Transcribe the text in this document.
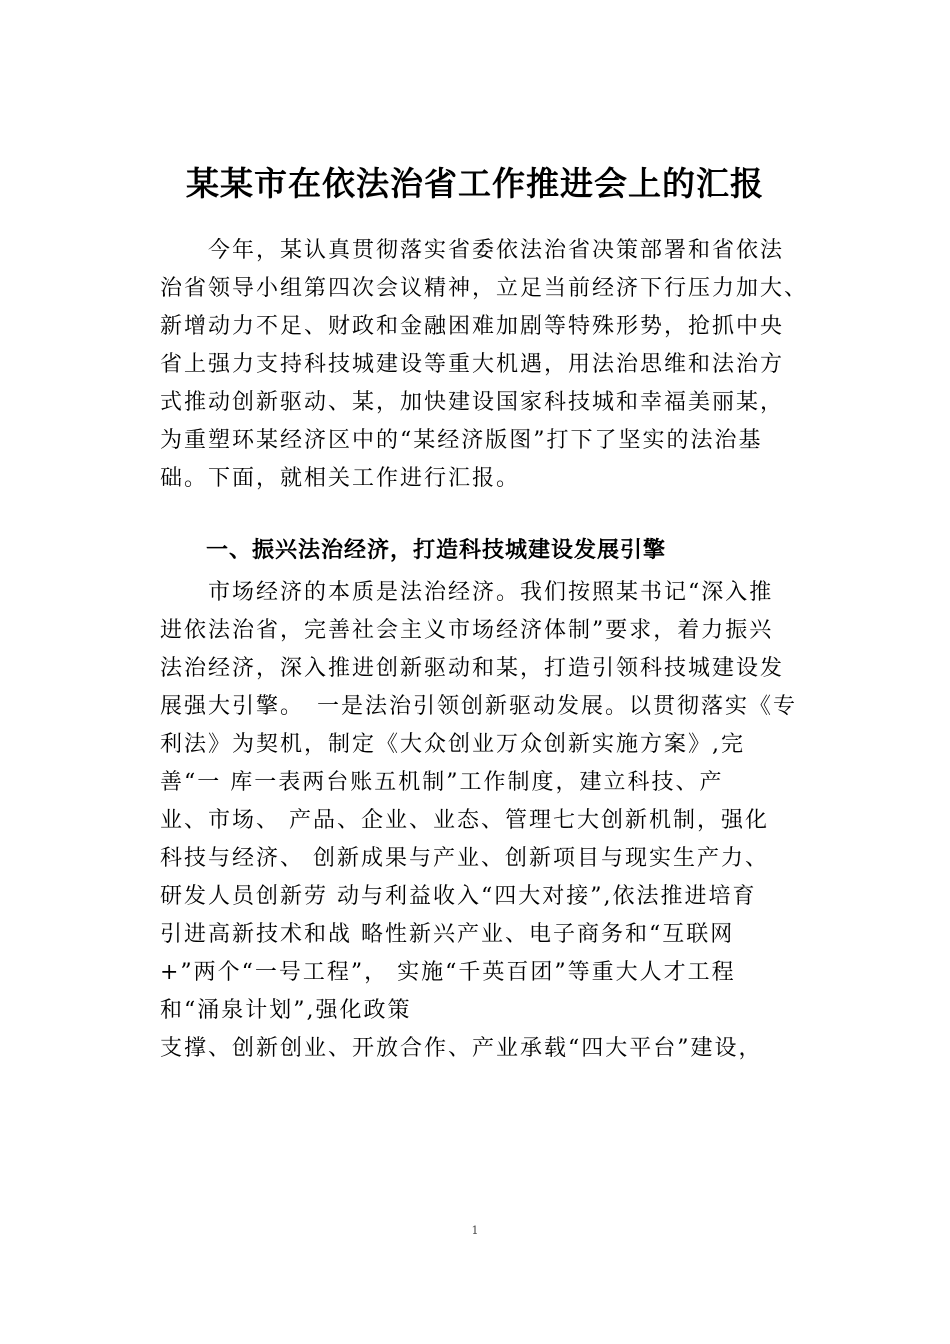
某某市在依法治省工作推进会上的汇报
　　今年，某认真贯彻落实省委依法治省决策部署和省依法
治省领导小组第四次会议精神，立足当前经济下行压力加大、
新增动力不足、财政和金融困难加剧等特殊形势，抢抓中央
省上强力支持科技城建设等重大机遇，用法治思维和法治方
式推动创新驱动、某，加快建设国家科技城和幸福美丽某，
为重塑环某经济区中的“某经济版图”打下了坚实的法治基
础。下面，就相关工作进行汇报。
　　一、振兴法治经济，打造科技城建设发展引擎
　　市场经济的本质是法治经济。我们按照某书记“深入推
进依法治省，完善社会主义市场经济体制”要求，着力振兴
法治经济，深入推进创新驱动和某，打造引领科技城建设发
展强大引擎。　一是法治引领创新驱动发展。以贯彻落实《专
利法》为契机，制定《大众创业万众创新实施方案》,完
善“一 库一表两台账五机制”工作制度，建立科技、产
业、市场、 产品、企业、业态、管理七大创新机制，强化
科技与经济、 创新成果与产业、创新项目与现实生产力、
研发人员创新劳 动与利益收入“四大对接”,依法推进培育
引进高新技术和战 略性新兴产业、电子商务和“互联网
+”两个“一号工程”， 实施“千英百团”等重大人才工程
和“涌泉计划”,强化政策
支撑、创新创业、开放合作、产业承载“四大平台”建设，
1
